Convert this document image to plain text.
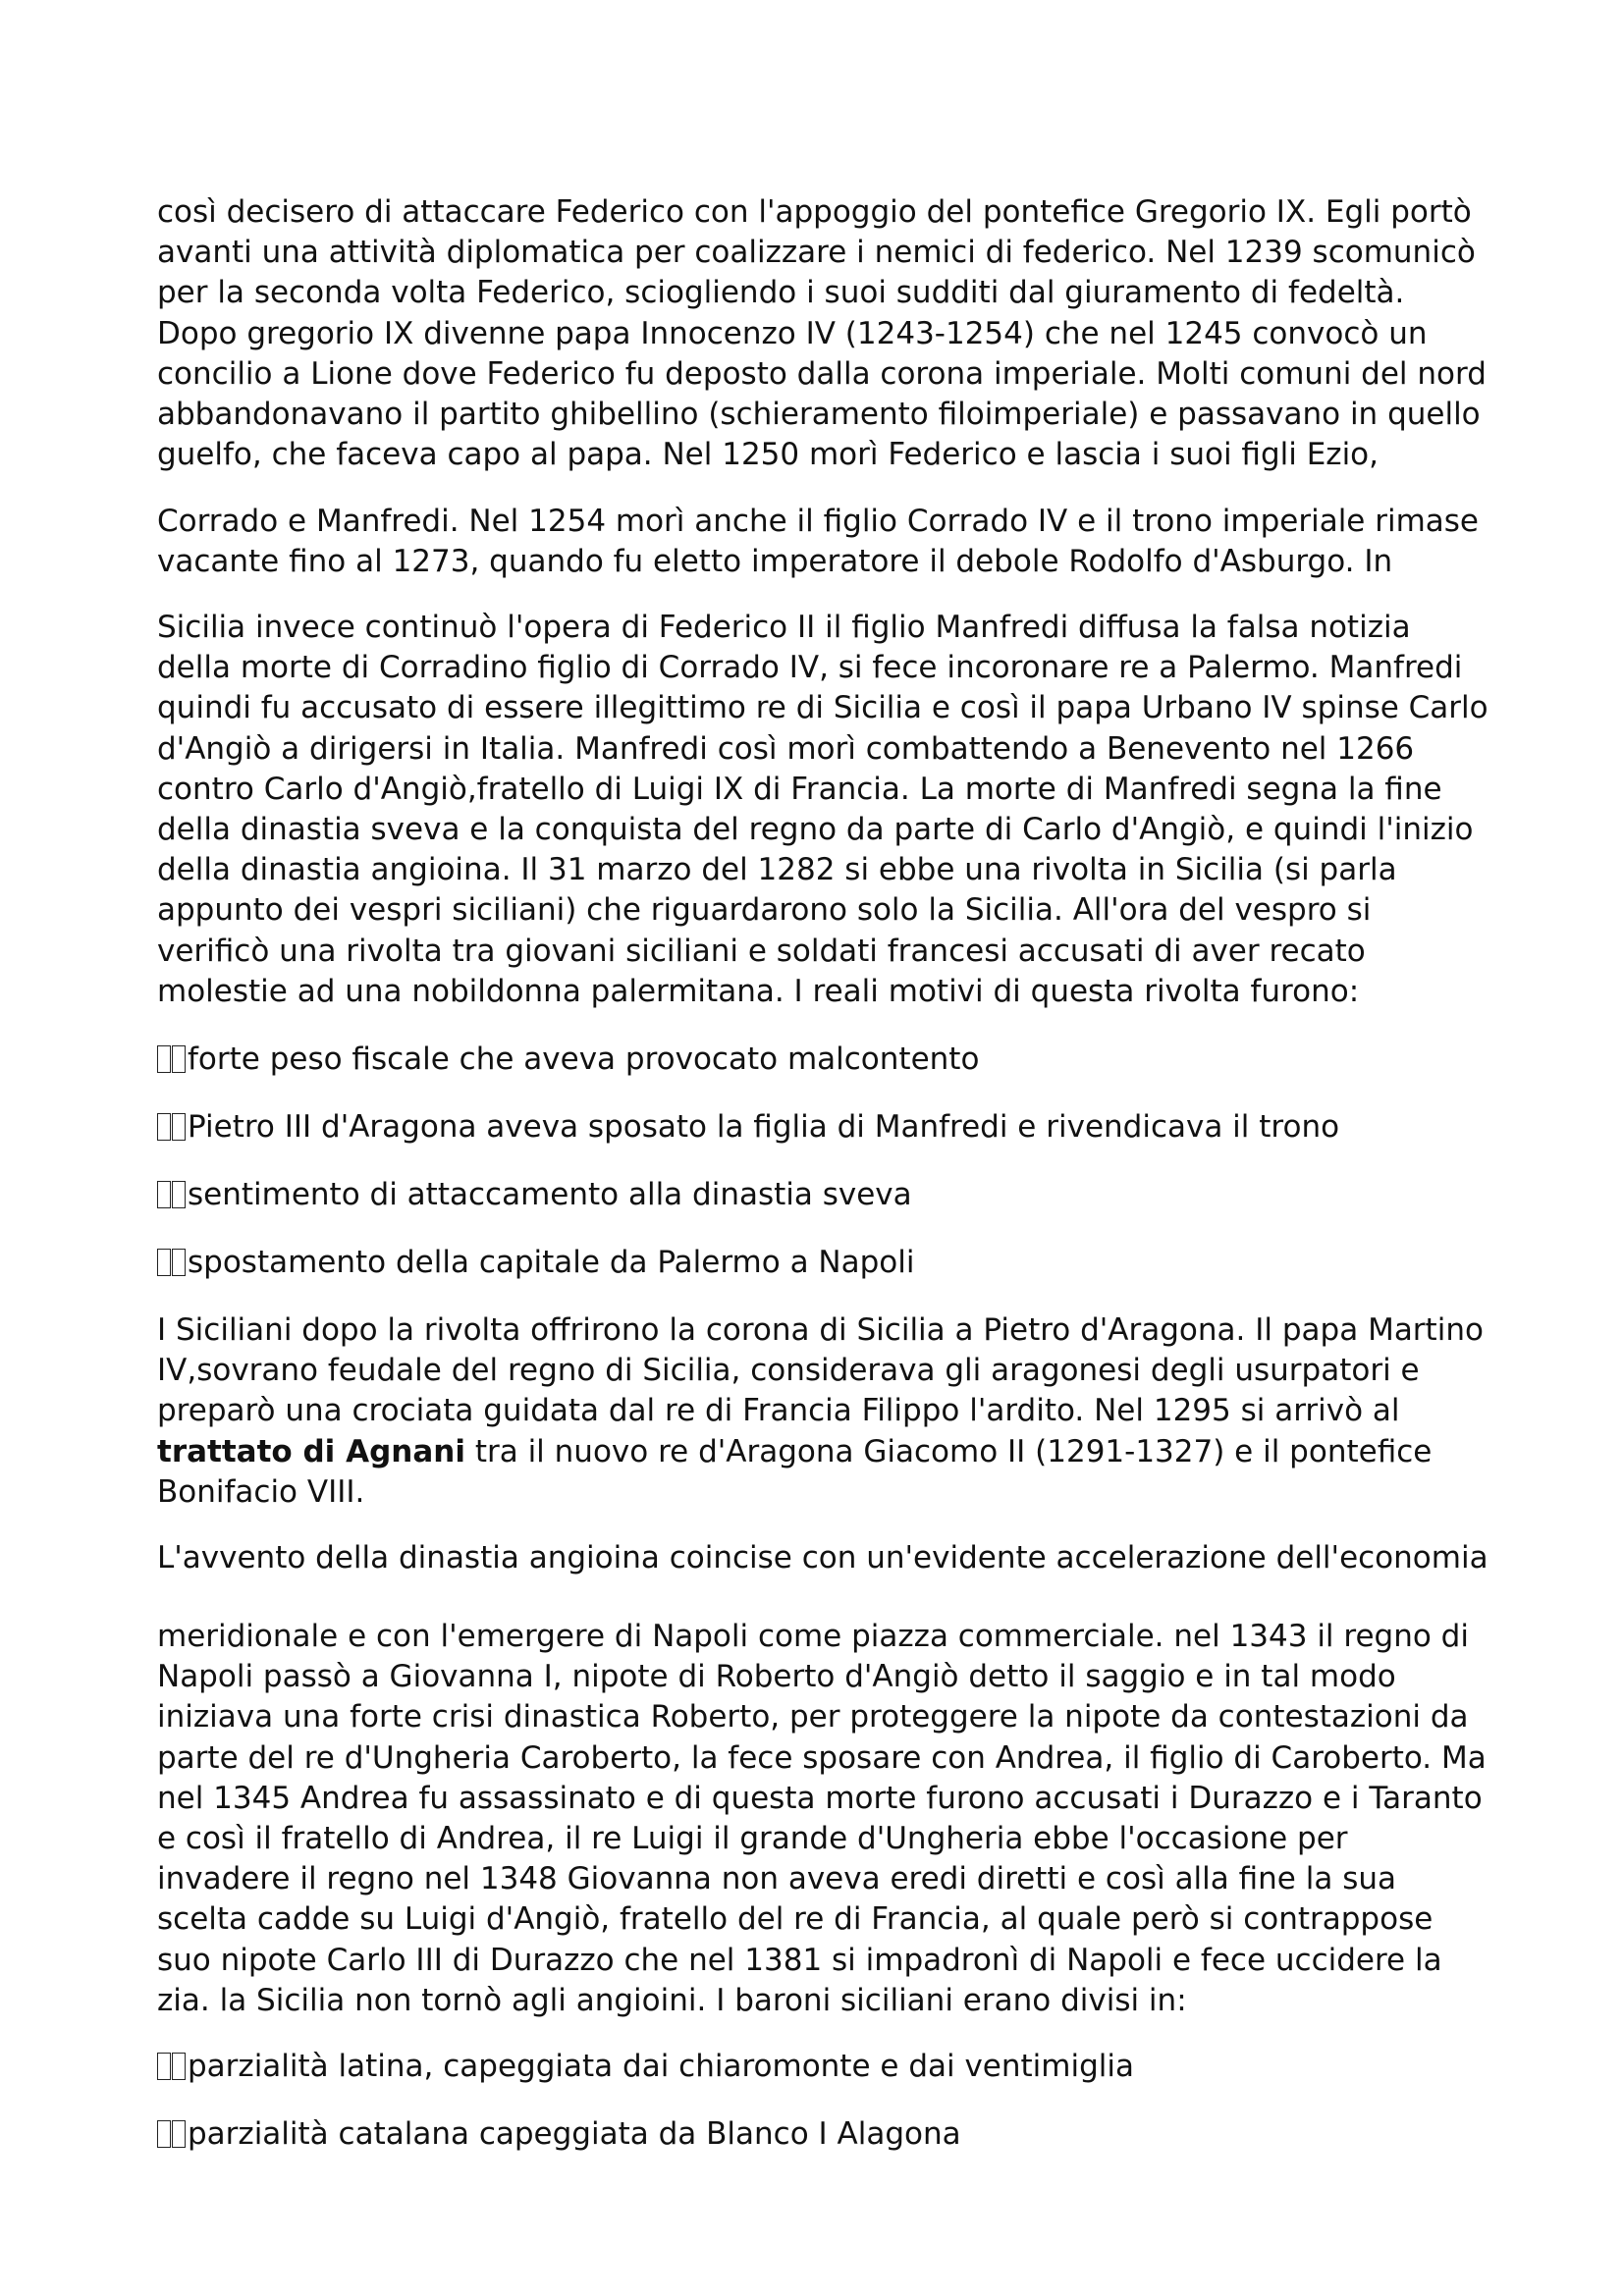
così decisero di attaccare Federico con l'appoggio del pontefice Gregorio IX. Egli portò
avanti una attività diplomatica per coalizzare i nemici di federico. Nel 1239 scomunicò
per la seconda volta Federico, sciogliendo i suoi sudditi dal giuramento di fedeltà.
Dopo gregorio IX divenne papa Innocenzo IV (1243-1254) che nel 1245 convocò un
concilio a Lione dove Federico fu deposto dalla corona imperiale. Molti comuni del nord
abbandonavano il partito ghibellino (schieramento filoimperiale) e passavano in quello
guelfo, che faceva capo al papa. Nel 1250 morì Federico e lascia i suoi figli Ezio,

Corrado e Manfredi. Nel 1254 morì anche il figlio Corrado IV e il trono imperiale rimase
vacante fino al 1273, quando fu eletto imperatore il debole Rodolfo d'Asburgo. In

Sicilia invece continuò l'opera di Federico II il figlio Manfredi diffusa la falsa notizia
della morte di Corradino figlio di Corrado IV, si fece incoronare re a Palermo. Manfredi
quindi fu accusato di essere illegittimo re di Sicilia e così il papa Urbano IV spinse Carlo
d'Angiò a dirigersi in Italia. Manfredi così morì combattendo a Benevento nel 1266
contro Carlo d'Angiò,fratello di Luigi IX di Francia. La morte di Manfredi segna la fine
della dinastia sveva e la conquista del regno da parte di Carlo d'Angiò, e quindi l'inizio
della dinastia angioina. Il 31 marzo del 1282 si ebbe una rivolta in Sicilia (si parla
appunto dei vespri siciliani) che riguardarono solo la Sicilia. All'ora del vespro si
verificò una rivolta tra giovani siciliani e soldati francesi accusati di aver recato
molestie ad una nobildonna palermitana. I reali motivi di questa rivolta furono:

forte peso fiscale che aveva provocato malcontento

Pietro III d'Aragona aveva sposato la figlia di Manfredi e rivendicava il trono

sentimento di attaccamento alla dinastia sveva

spostamento della capitale da Palermo a Napoli

I Siciliani dopo la rivolta offrirono la corona di Sicilia a Pietro d'Aragona. Il papa Martino
IV,sovrano feudale del regno di Sicilia, considerava gli aragonesi degli usurpatori e
preparò una crociata guidata dal re di Francia Filippo l'ardito. Nel 1295 si arrivò al
trattato di Agnani tra il nuovo re d'Aragona Giacomo II (1291-1327) e il pontefice
Bonifacio VIII.

L'avvento della dinastia angioina coincise con un'evidente accelerazione dell'economia

meridionale e con l'emergere di Napoli come piazza commerciale. nel 1343 il regno di
Napoli passò a Giovanna I, nipote di Roberto d'Angiò detto il saggio e in tal modo
iniziava una forte crisi dinastica Roberto, per proteggere la nipote da contestazioni da
parte del re d'Ungheria Caroberto, la fece sposare con Andrea, il figlio di Caroberto. Ma
nel 1345 Andrea fu assassinato e di questa morte furono accusati i Durazzo e i Taranto
e così il fratello di Andrea, il re Luigi il grande d'Ungheria ebbe l'occasione per
invadere il regno nel 1348 Giovanna non aveva eredi diretti e così alla fine la sua
scelta cadde su Luigi d'Angiò, fratello del re di Francia, al quale però si contrappose
suo nipote Carlo III di Durazzo che nel 1381 si impadronì di Napoli e fece uccidere la
zia. la Sicilia non tornò agli angioini. I baroni siciliani erano divisi in:

parzialità latina, capeggiata dai chiaromonte e dai ventimiglia

parzialità catalana capeggiata da Blanco I Alagona
